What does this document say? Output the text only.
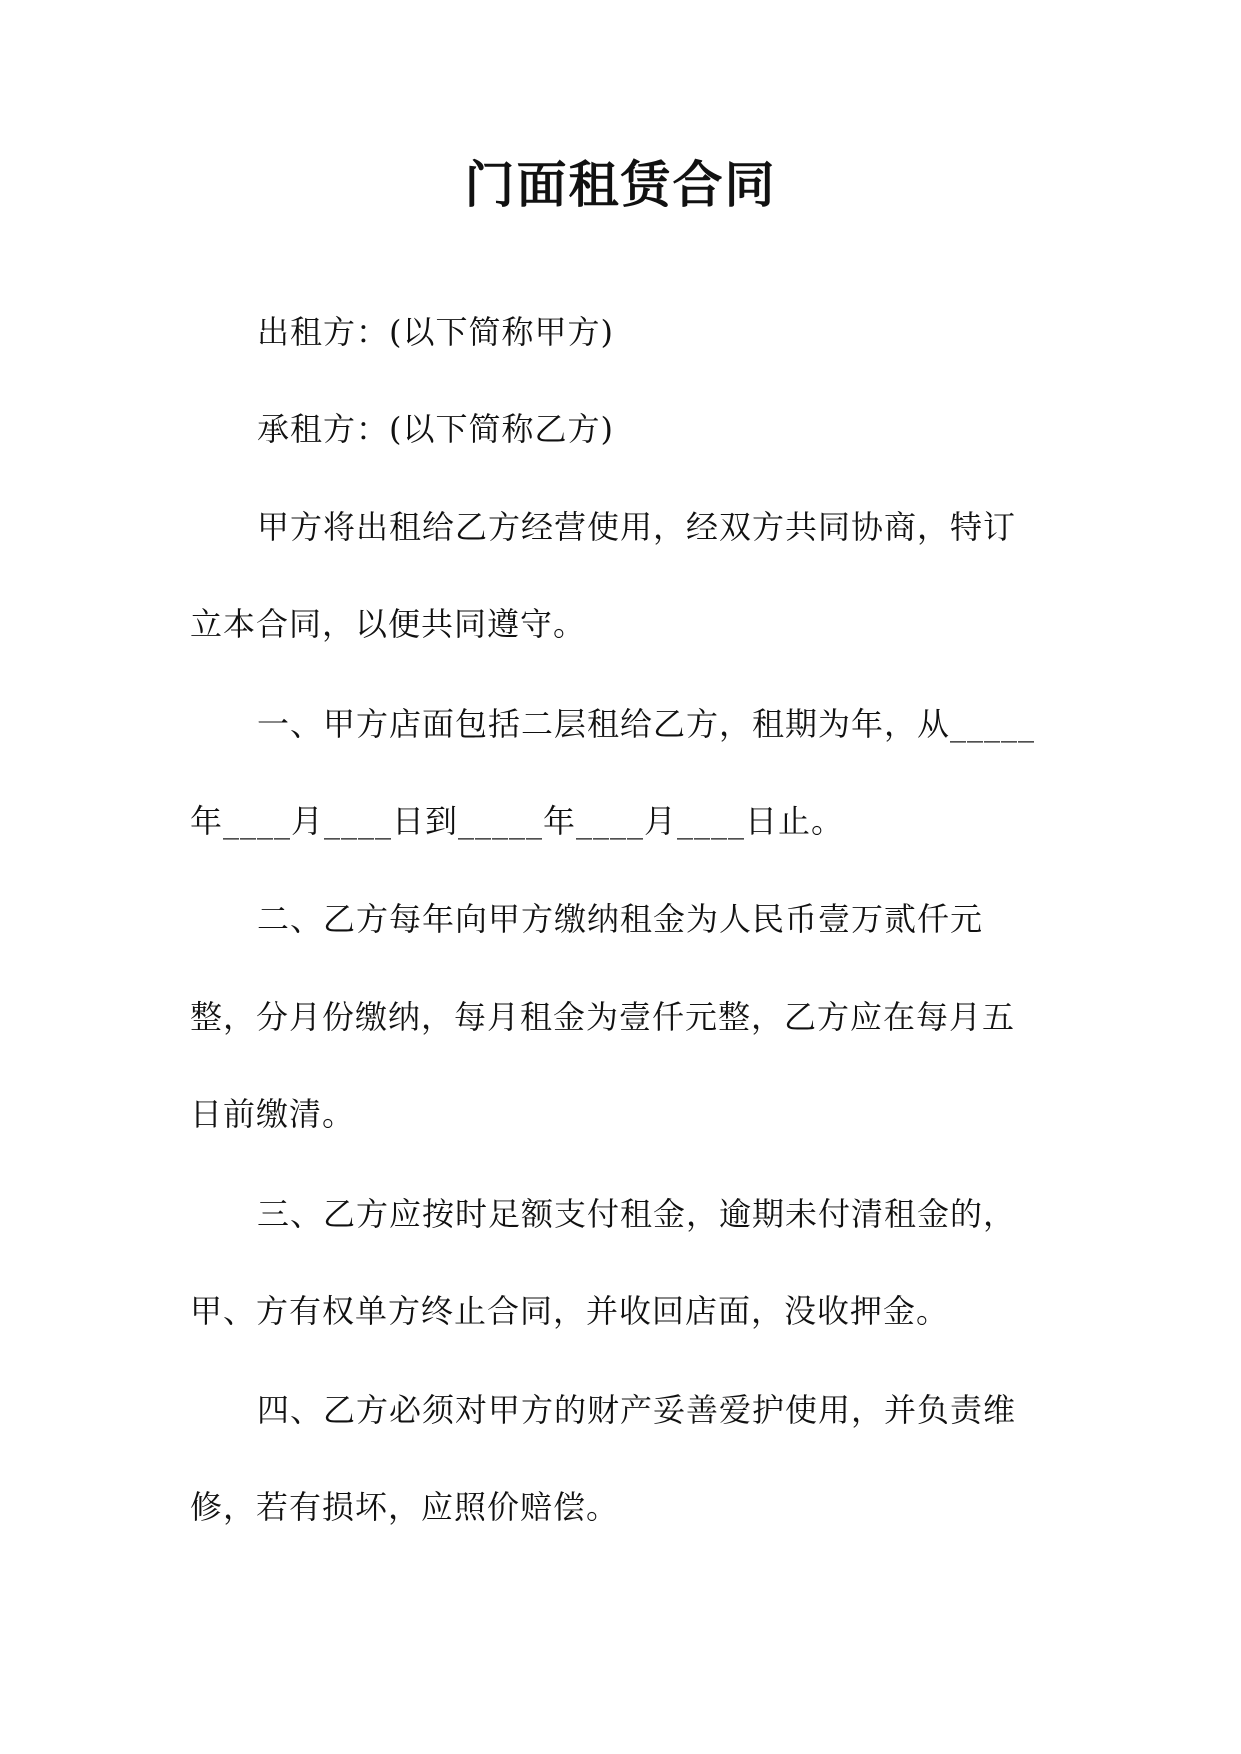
门面租赁合同
出租方：(以下简称甲方)
承租方：(以下简称乙方)
甲方将出租给乙方经营使用，经双方共同协商，特订
立本合同，以便共同遵守。
一、甲方店面包括二层租给乙方，租期为年，从_____
年____月____日到_____年____月____日止。
二、乙方每年向甲方缴纳租金为人民币壹万贰仟元
整，分月份缴纳，每月租金为壹仟元整，乙方应在每月五
日前缴清。
三、乙方应按时足额支付租金，逾期未付清租金的，
甲、方有权单方终止合同，并收回店面，没收押金。
四、乙方必须对甲方的财产妥善爱护使用，并负责维
修，若有损坏，应照价赔偿。
